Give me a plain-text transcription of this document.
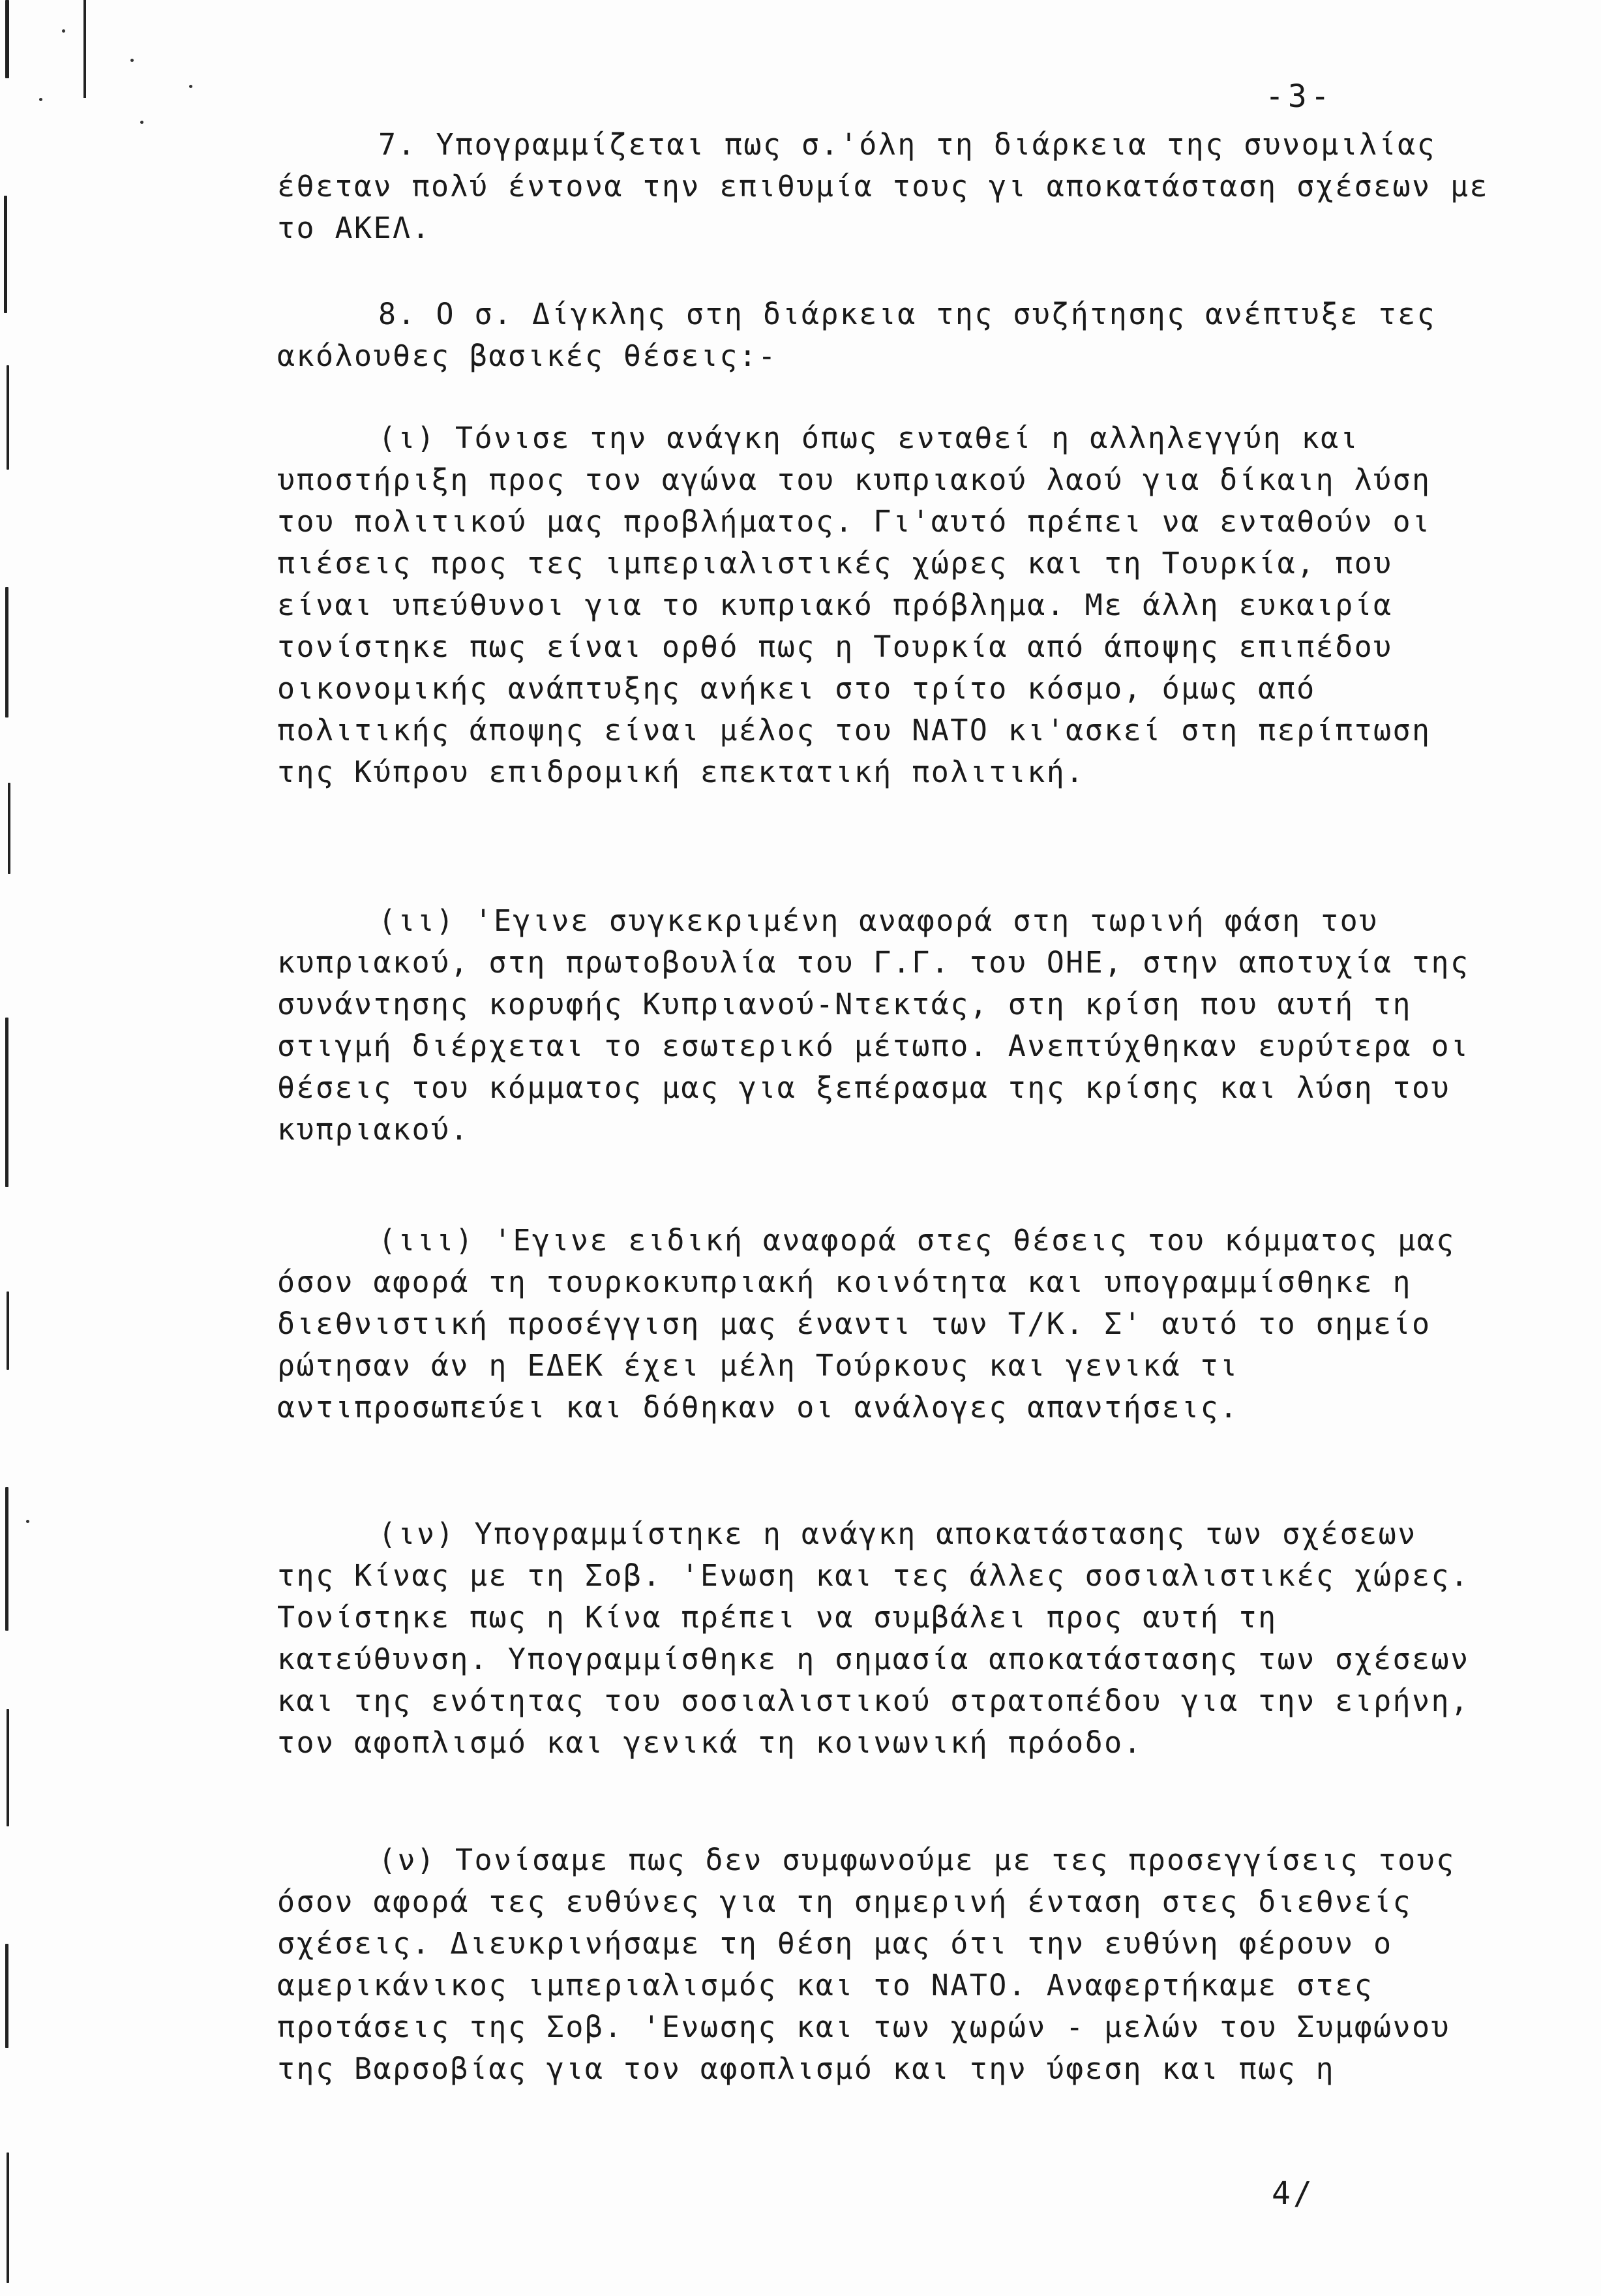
-3-
7. Υπογραμμίζεται πως σ.'όλη τη διάρκεια της συνομιλίας έθεταν πολύ έντονα την επιθυμία τους γι αποκατάσταση σχέσεων με το ΑΚΕΛ.
8. Ο σ. Δίγκλης στη διάρκεια της συζήτησης ανέπτυξε τες ακόλουθες βασικές θέσεις:-
(ι) Τόνισε την ανάγκη όπως ενταθεί η αλληλεγγύη και υποστήριξη προς τον αγώνα του κυπριακού λαού για δίκαιη λύση του πολιτικού μας προβλήματος. Γι'αυτό πρέπει να ενταθούν οι πιέσεις προς τες ιμπεριαλιστικές χώρες και τη Τουρκία, που είναι υπεύθυνοι για το κυπριακό πρόβλημα. Με άλλη ευκαιρία τονίστηκε πως είναι ορθό πως η Τουρκία από άποψης επιπέδου οικονομικής ανάπτυξης ανήκει στο τρίτο κόσμο, όμως από πολιτικής άποψης είναι μέλος του ΝΑΤΟ κι'ασκεί στη περίπτωση της Κύπρου επιδρομική επεκτατική πολιτική.
(ιι) 'Εγινε συγκεκριμένη αναφορά στη τωρινή φάση του κυπριακού, στη πρωτοβουλία του Γ.Γ. του ΟΗΕ, στην αποτυχία της συνάντησης κορυφής Κυπριανού-Ντεκτάς, στη κρίση που αυτή τη στιγμή διέρχεται το εσωτερικό μέτωπο. Ανεπτύχθηκαν ευρύτερα οι θέσεις του κόμματος μας για ξεπέρασμα της κρίσης και λύση του κυπριακού.
(ιιι) 'Εγινε ειδική αναφορά στες θέσεις του κόμματος μας όσον αφορά τη τουρκοκυπριακή κοινότητα και υπογραμμίσθηκε η διεθνιστική προσέγγιση μας έναντι των Τ/Κ. Σ' αυτό το σημείο ρώτησαν άν η ΕΔΕΚ έχει μέλη Τούρκους και γενικά τι αντιπροσωπεύει και δόθηκαν οι ανάλογες απαντήσεις.
(ιν) Υπογραμμίστηκε η ανάγκη αποκατάστασης των σχέσεων της Κίνας με τη Σοβ. 'Ενωση και τες άλλες σοσιαλιστικές χώρες. Τονίστηκε πως η Κίνα πρέπει να συμβάλει προς αυτή τη κατεύθυνση. Υπογραμμίσθηκε η σημασία αποκατάστασης των σχέσεων και της ενότητας του σοσιαλιστικού στρατοπέδου για την ειρήνη, τον αφοπλισμό και γενικά τη κοινωνική πρόοδο.
(ν) Τονίσαμε πως δεν συμφωνούμε με τες προσεγγίσεις τους όσον αφορά τες ευθύνες για τη σημερινή ένταση στες διεθνείς σχέσεις. Διευκρινήσαμε τη θέση μας ότι την ευθύνη φέρουν ο αμερικάνικος ιμπεριαλισμός και το ΝΑΤΟ. Αναφερτήκαμε στες προτάσεις της Σοβ. 'Ενωσης και των χωρών - μελών του Συμφώνου της Βαρσοβίας για τον αφοπλισμό και την ύφεση και πως η
4/
